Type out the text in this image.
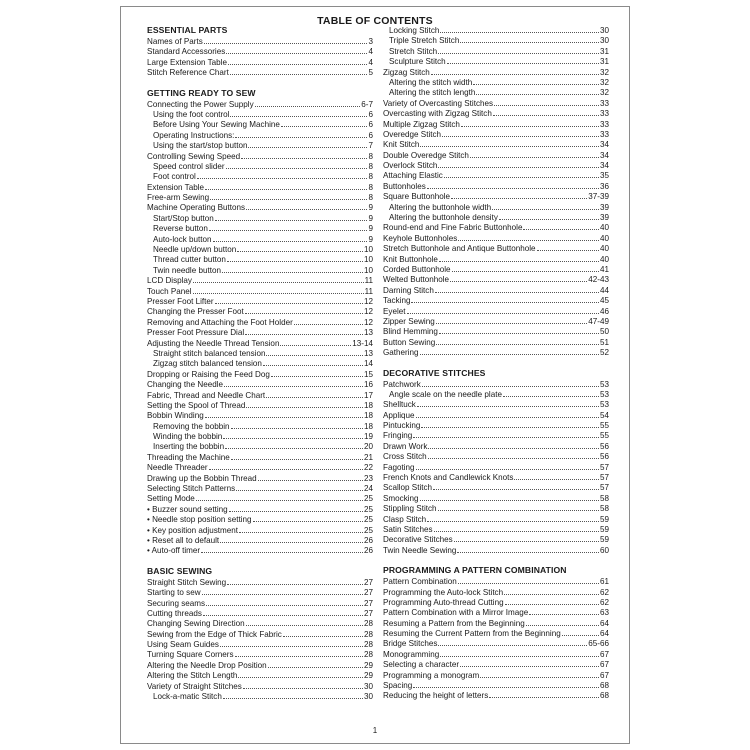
TABLE OF CONTENTS
ESSENTIAL PARTS
Names of Parts	3
Standard Accessories	4
Large Extension Table	4
Stitch Reference Chart	5
GETTING READY TO SEW
Connecting the Power Supply	6-7
Using the foot control	6
Before Using Your Sewing Machine	6
Operating Instructions:	6
Using the start/stop button	7
Controlling Sewing Speed	8
Speed control slider	8
Foot control	8
Extension Table	8
Free-arm Sewing	8
Machine Operating Buttons	9
Start/Stop button	9
Reverse button	9
Auto-lock button	9
Needle up/down button	10
Thread cutter button	10
Twin needle button	10
LCD Display	11
Touch Panel	11
Presser Foot Lifter	12
Changing the Presser Foot	12
Removing and Attaching the Foot Holder	12
Presser Foot Pressure Dial	13
Adjusting the Needle Thread Tension	13-14
Straight stitch balanced tension	13
Zigzag stitch balanced tension	14
Dropping or Raising the Feed Dog	15
Changing the Needle	16
Fabric, Thread and Needle Chart	17
Setting the Spool of Thread	18
Bobbin Winding	18
Removing the bobbin	18
Winding the bobbin	19
Inserting the bobbin	20
Threading the Machine	21
Needle Threader	22
Drawing up the Bobbin Thread	23
Selecting Stitch Patterns	24
Setting Mode	25
• Buzzer sound setting	25
• Needle stop position setting	25
• Key position adjustment	25
• Reset all to default	26
• Auto-off timer	26
BASIC SEWING
Straight Stitch Sewing	27
Starting to sew	27
Securing seams	27
Cutting threads	27
Changing Sewing Direction	28
Sewing from the Edge of Thick Fabric	28
Using Seam Guides	28
Turning Square Corners	28
Altering the Needle Drop Position	29
Altering the Stitch Length	29
Variety of Straight Stitches	30
Lock-a-matic Stitch	30
Locking Stitch	30
Triple Stretch Stitch	30
Stretch Stitch	31
Sculpture Stitch	31
Zigzag Stitch	32
Altering the stitch width	32
Altering the stitch length	32
Variety of Overcasting Stitches	33
Overcasting with Zigzag Stitch	33
Multiple Zigzag Stitch	33
Overedge Stitch	33
Knit Stitch	34
Double Overedge Stitch	34
Overlock Stitch	34
Attaching Elastic	35
Buttonholes	36
Square Buttonhole	37-39
Altering the buttonhole width	39
Altering the buttonhole density	39
Round-end and Fine Fabric Buttonhole	40
Keyhole Buttonholes	40
Stretch Buttonhole and Antique Buttonhole	40
Knit Buttonhole	40
Corded Buttonhole	41
Welted Buttonhole	42-43
Darning Stitch	44
Tacking	45
Eyelet	46
Zipper Sewing	47-49
Blind Hemming	50
Button Sewing	51
Gathering	52
DECORATIVE STITCHES
Patchwork	53
Angle scale on the needle plate	53
Shelltuck	53
Applique	54
Pintucking	55
Fringing	55
Drawn Work	56
Cross Stitch	56
Fagoting	57
French Knots and Candlewick Knots	57
Scallop Stitch	57
Smocking	58
Stippling Stitch	58
Clasp Stitch	59
Satin Stitches	59
Decorative Stitches	59
Twin Needle Sewing	60
PROGRAMMING A PATTERN COMBINATION
Pattern Combination	61
Programming the Auto-lock Stitch	62
Programming Auto-thread Cutting	62
Pattern Combination with a Mirror Image	63
Resuming a Pattern from the Beginning	64
Resuming the Current Pattern from the Beginning	64
Bridge Stitches	65-66
Monogramming	67
Selecting a character	67
Programming a monogram	67
Spacing	68
Reducing the height of letters	68
1
